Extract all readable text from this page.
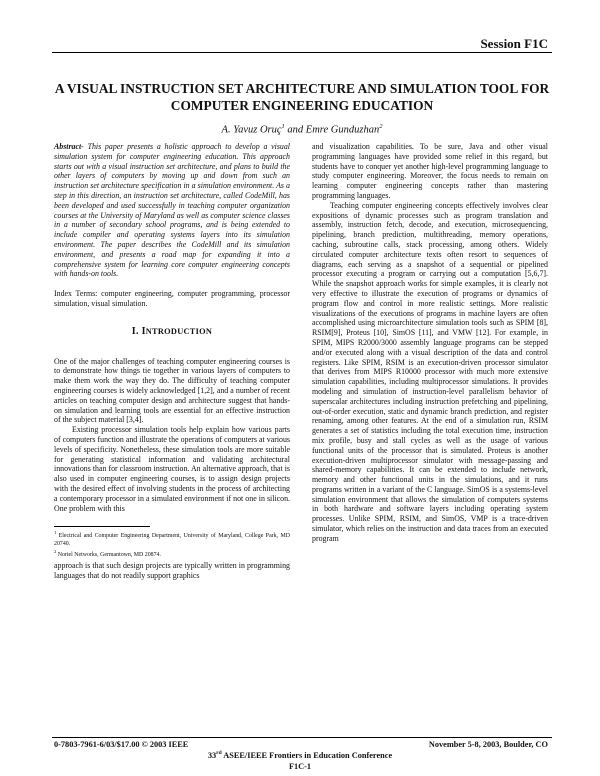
Session F1C
A VISUAL INSTRUCTION SET ARCHITECTURE AND SIMULATION TOOL FOR COMPUTER ENGINEERING EDUCATION
A. Yavuz Oruç$^1$ and Emre Gunduzhan$^2$

Abstract- This paper presents a holistic approach to develop a visual simulation system for computer engineering education. This approach starts out with a visual instruction set architecture, and plans to build the other layers of computers by moving up and down from such an instruction set architecture specification in a simulation environment. As a step in this direction, an instruction set architecture, called CodeMill, has been developed and used successfully in teaching computer organization courses at the University of Maryland as well as computer science classes in a number of secondary school programs, and is being extended to include compiler and operating systems layers into its simulation environment. The paper describes the CodeMill and its simulation environment, and presents a road map for expanding it into a comprehensive system for learning core computer engineering concepts with hands-on tools.

Index Terms: computer engineering, computer programming, processor simulation, visual simulation.

I. INTRODUCTION

One of the major challenges of teaching computer engineering courses is to demonstrate how things tie together in various layers of computers to make them work the way they do. The difficulty of teaching computer engineering courses is widely acknowledged [1,2], and a number of recent articles on teaching computer design and architecture suggest that hands-on simulation and learning tools are essential for an effective instruction of the subject material [3,4].

Existing processor simulation tools help explain how various parts of computers function and illustrate the operations of computers at various levels of specificity. Nonetheless, these simulation tools are more suitable for generating statistical information and validating architectural innovations than for classroom instruction. An alternative approach, that is also used in computer engineering courses, is to assign design projects with the desired effect of involving students in the process of architecting a contemporary processor in a simulated environment if not one in silicon. One problem with this

$^1$ Electrical and Computer Engineering Department, University of Maryland, College Park, MD 20740.

$^2$ Nortel Networks, Germantown, MD 20874.

approach is that such design projects are typically written in programming languages that do not readily support graphics

and visualization capabilities. To be sure, Java and other visual programming languages have provided some relief in this regard, but students have to conquer yet another high-level programming language to study computer engineering. Moreover, the focus needs to remain on learning computer engineering concepts rather than mastering programming languages.

Teaching computer engineering concepts effectively involves clear expositions of dynamic processes such as program translation and assembly, instruction fetch, decode, and execution, microsequencing, pipelining, branch prediction, multithreading, memory operations, caching, subroutine calls, stack processing, among others. Widely circulated computer architecture texts often resort to sequences of diagrams, each serving as a snapshot of a sequential or pipelined processor executing a program or carrying out a computation [5,6,7]. While the snapshot approach works for simple examples, it is clearly not very effective to illustrate the execution of programs or dynamics of program flow and control in more realistic settings. More realistic visualizations of the executions of programs in machine layers are often accomplished using microarchitecture simulation tools such as SPIM [8], RSIM[9], Proteus [10], SimOS [11], and VMW [12]. For example, in SPIM, MIPS R2000/3000 assembly language programs can be stepped and/or executed along with a visual description of the data and control registers. Like SPIM, RSIM is an execution-driven processor simulator that derives from MIPS R10000 processor with much more extensive simulation capabilities, including multiprocessor simulations. It provides modeling and simulation of instruction-level parallelism behavior of superscalar architectures including instruction prefetching and pipelining, out-of-order execution, static and dynamic branch prediction, and register renaming, among other features. At the end of a simulation run, RSIM generates a set of statistics including the total execution time, instruction mix profile, busy and stall cycles as well as the usage of various functional units of the processor that is simulated. Proteus is another execution-driven multiprocessor simulator with message-passing and shared-memory capabilities. It can be extended to include network, memory and other functional units in the simulations, and it runs programs written in a variant of the C language. SimOS is a systems-level simulation environment that allows the simulation of computers systems in both hardware and software layers including operating system processes. Unlike SPIM, RSIM, and SimOS, VMP is a trace-driven simulator, which relies on the instruction and data traces from an executed program

0-7803-7961-6/03/$17.00 © 2003 IEEE	November 5-8, 2003, Boulder, CO
33rd ASEE/IEEE Frontiers in Education Conference
F1C-1
